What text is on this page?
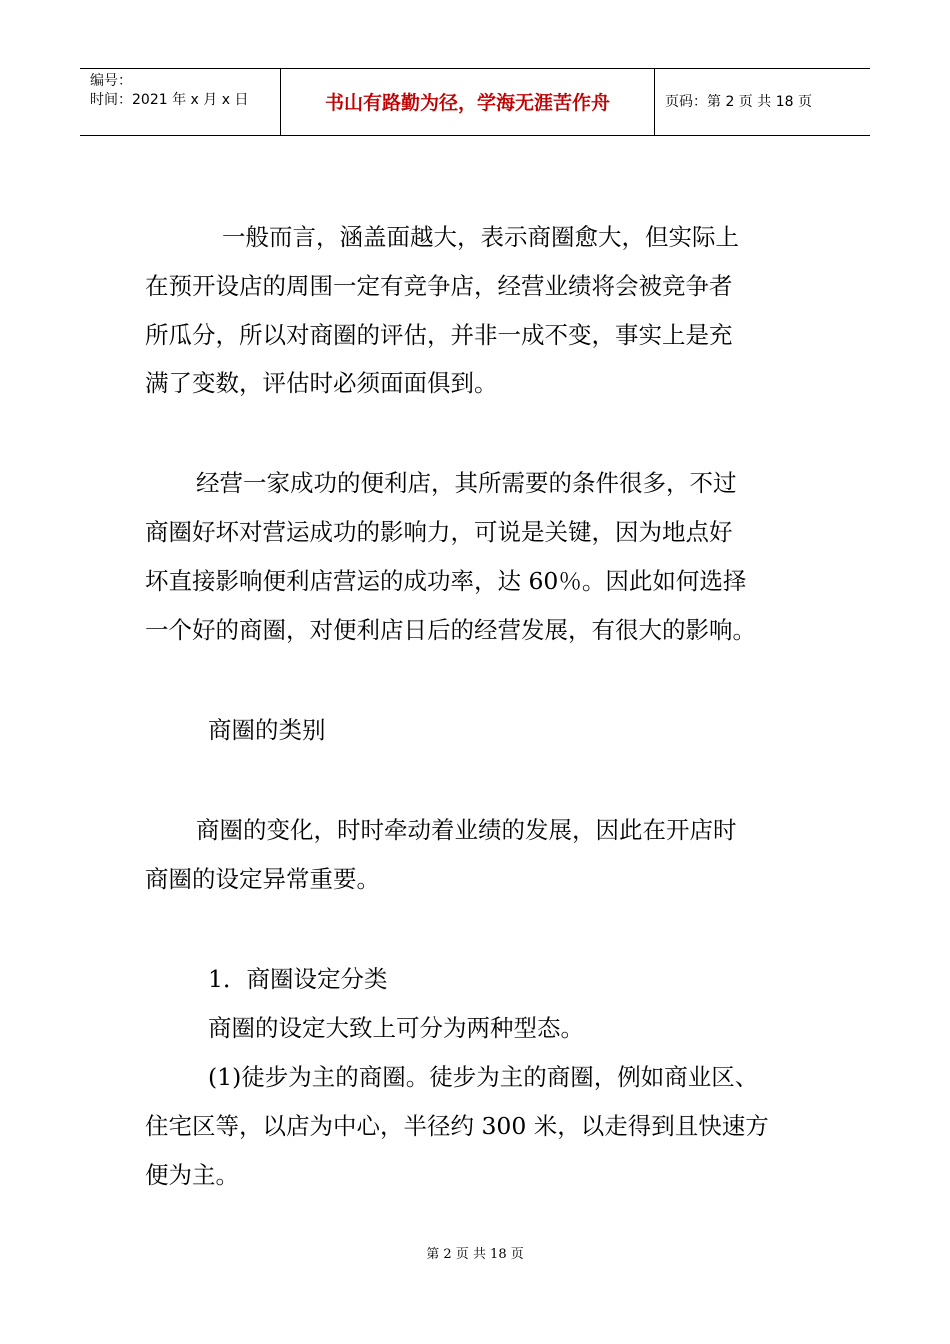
编号：
时间：2021 年 x 月 x 日	书山有路勤为径，学海无涯苦作舟	页码：第 2 页 共 18 页

一般而言，涵盖面越大，表示商圈愈大，但实际上

在预开设店的周围一定有竞争店，经营业绩将会被竞争者

所瓜分，所以对商圈的评估，并非一成不变，事实上是充

满了变数，评估时必须面面俱到。

经营一家成功的便利店，其所需要的条件很多，不过

商圈好坏对营运成功的影响力，可说是关键，因为地点好

坏直接影响便利店营运的成功率，达 60％。因此如何选择

一个好的商圈，对便利店日后的经营发展，有很大的影响。

商圈的类别

商圈的变化，时时牵动着业绩的发展，因此在开店时

商圈的设定异常重要。

1．商圈设定分类

商圈的设定大致上可分为两种型态。

(1)徒步为主的商圈。徒步为主的商圈，例如商业区、

住宅区等，以店为中心，半径约 300 米，以走得到且快速方

便为主。

第 2 页 共 18 页
